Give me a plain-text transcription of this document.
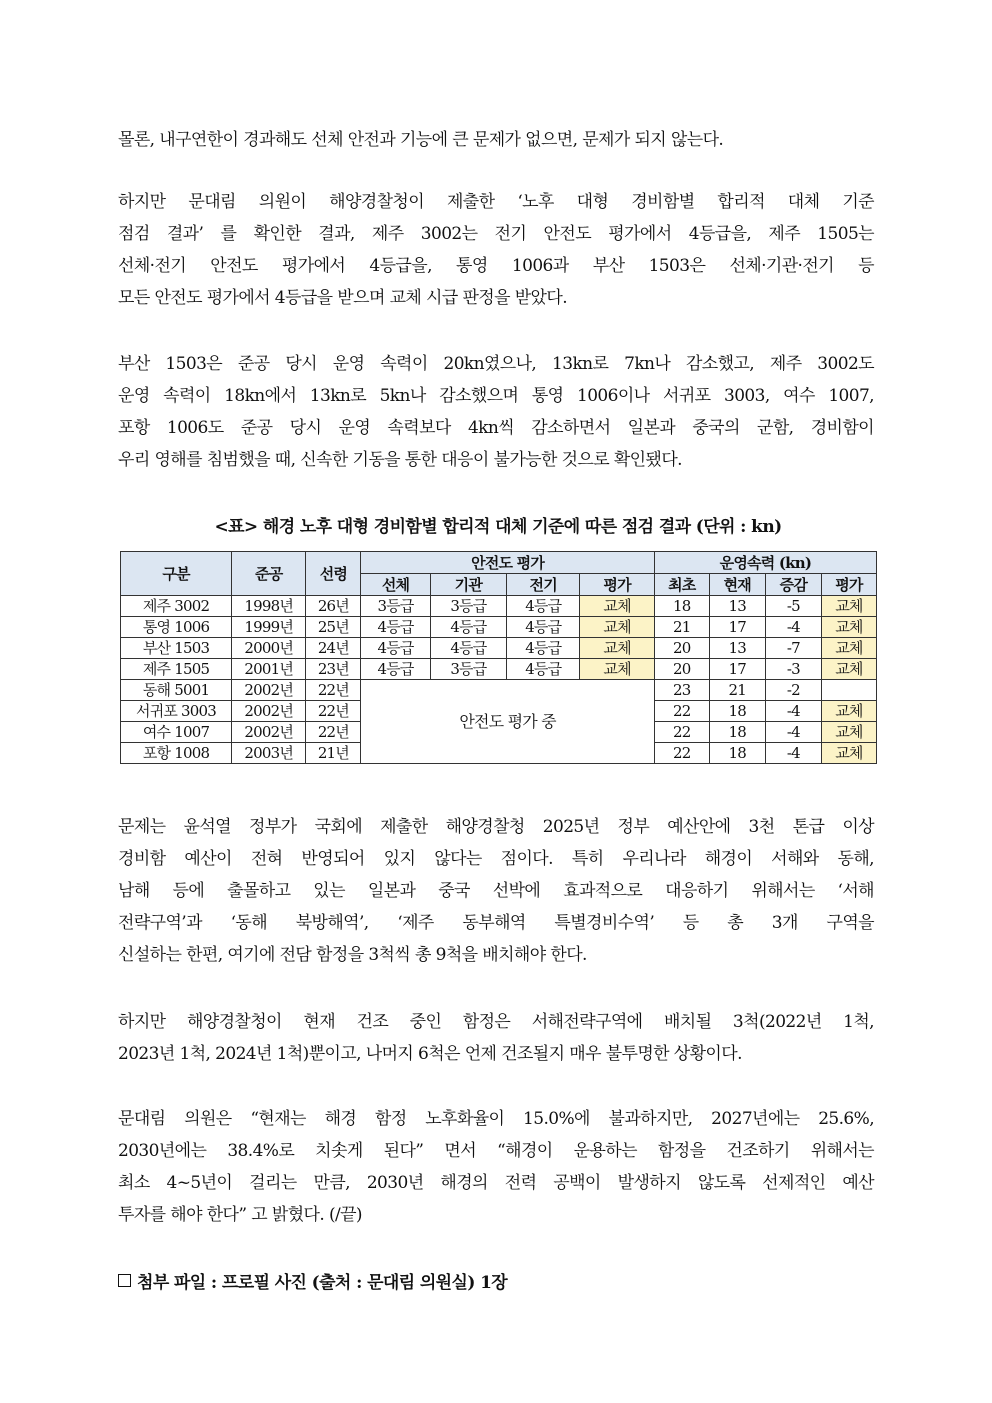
몰론, 내구연한이 경과해도 선체 안전과 기능에 큰 문제가 없으면, 문제가 되지 않는다.

하지만 문대림 의원이 해양경찰청이 제출한 ‘노후 대형 경비함별 합리적 대체 기준
점검 결과’ 를 확인한 결과, 제주 3002는 전기 안전도 평가에서 4등급을, 제주 1505는
선체·전기 안전도 평가에서 4등급을, 통영 1006과 부산 1503은 선체·기관·전기 등
모든 안전도 평가에서 4등급을 받으며 교체 시급 판정을 받았다.

부산 1503은 준공 당시 운영 속력이 20kn였으나, 13kn로 7kn나 감소했고, 제주 3002도
운영 속력이 18kn에서 13kn로 5kn나 감소했으며 통영 1006이나 서귀포 3003, 여수 1007,
포항 1006도 준공 당시 운영 속력보다 4kn씩 감소하면서 일본과 중국의 군함, 경비함이
우리 영해를 침범했을 때, 신속한 기동을 통한 대응이 불가능한 것으로 확인됐다.

<표> 해경 노후 대형 경비함별 합리적 대체 기준에 따른 점검 결과 (단위 : kn)
구분	준공	선령	안전도 평가				운영속력 (kn)			
			선체	기관	전기	평가	최초	현재	증감	평가
제주 3002	1998년	26년	3등급	3등급	4등급	교체	18	13	-5	교체
통영 1006	1999년	25년	4등급	4등급	4등급	교체	21	17	-4	교체
부산 1503	2000년	24년	4등급	4등급	4등급	교체	20	13	-7	교체
제주 1505	2001년	23년	4등급	3등급	4등급	교체	20	17	-3	교체
동해 5001	2002년	22년	안전도 평가 중				23	21	-2	
서귀포 3003	2002년	22년					22	18	-4	교체
여수 1007	2002년	22년					22	18	-4	교체
포항 1008	2003년	21년					22	18	-4	교체

문제는 윤석열 정부가 국회에 제출한 해양경찰청 2025년 정부 예산안에 3천 톤급 이상
경비함 예산이 전혀 반영되어 있지 않다는 점이다. 특히 우리나라 해경이 서해와 동해,
남해 등에 출몰하고 있는 일본과 중국 선박에 효과적으로 대응하기 위해서는 ‘서해
전략구역’과 ‘동해 북방해역’, ‘제주 동부해역 특별경비수역’ 등 총 3개 구역을
신설하는 한편, 여기에 전담 함정을 3척씩 총 9척을 배치해야 한다.

하지만 해양경찰청이 현재 건조 중인 함정은 서해전략구역에 배치될 3척(2022년 1척,
2023년 1척, 2024년 1척)뿐이고, 나머지 6척은 언제 건조될지 매우 불투명한 상황이다.

문대림 의원은 “현재는 해경 함정 노후화율이 15.0%에 불과하지만, 2027년에는 25.6%,
2030년에는 38.4%로 치솟게 된다” 면서 “해경이 운용하는 함정을 건조하기 위해서는
최소 4~5년이 걸리는 만큼, 2030년 해경의 전력 공백이 발생하지 않도록 선제적인 예산
투자를 해야 한다” 고 밝혔다. (/끝)

첨부 파일 : 프로필 사진 (출처 : 문대림 의원실) 1장
